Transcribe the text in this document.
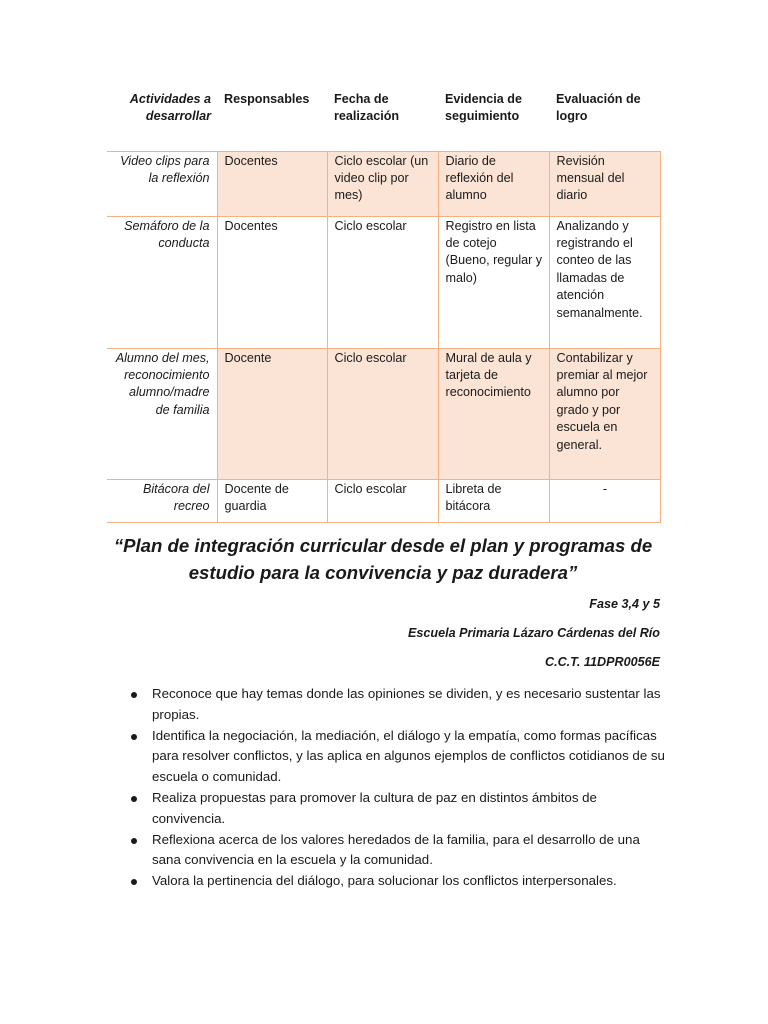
Actividades a desarrollar	Responsables	Fecha de realización	Evidencia de seguimiento	Evaluación de logro
Video clips para la reflexión	Docentes	Ciclo escolar (un video clip por mes)	Diario de reflexión del alumno	Revisión mensual del diario
Semáforo de la conducta	Docentes	Ciclo escolar	Registro en lista de cotejo (Bueno, regular y malo)	Analizando y registrando el conteo de las llamadas de atención semanalmente.
Alumno del mes, reconocimiento alumno/madre de familia	Docente	Ciclo escolar	Mural de aula y tarjeta de reconocimiento	Contabilizar y premiar al mejor alumno por grado y por escuela en general.
Bitácora del recreo	Docente de guardia	Ciclo escolar	Libreta de bitácora	-
“Plan de integración curricular desde el plan y programas de estudio para la convivencia y paz duradera”
Fase 3,4 y 5
Escuela Primaria Lázaro Cárdenas del Río
C.C.T. 11DPR0056E
Reconoce que hay temas donde las opiniones se dividen, y es necesario sustentar las propias.
Identifica la negociación, la mediación, el diálogo y la empatía, como formas pacíficas para resolver conflictos, y las aplica en algunos ejemplos de conflictos cotidianos de su escuela o comunidad.
Realiza propuestas para promover la cultura de paz en distintos ámbitos de convivencia.
Reflexiona acerca de los valores heredados de la familia, para el desarrollo de una sana convivencia en la escuela y la comunidad.
Valora la pertinencia del diálogo, para solucionar los conflictos interpersonales.
